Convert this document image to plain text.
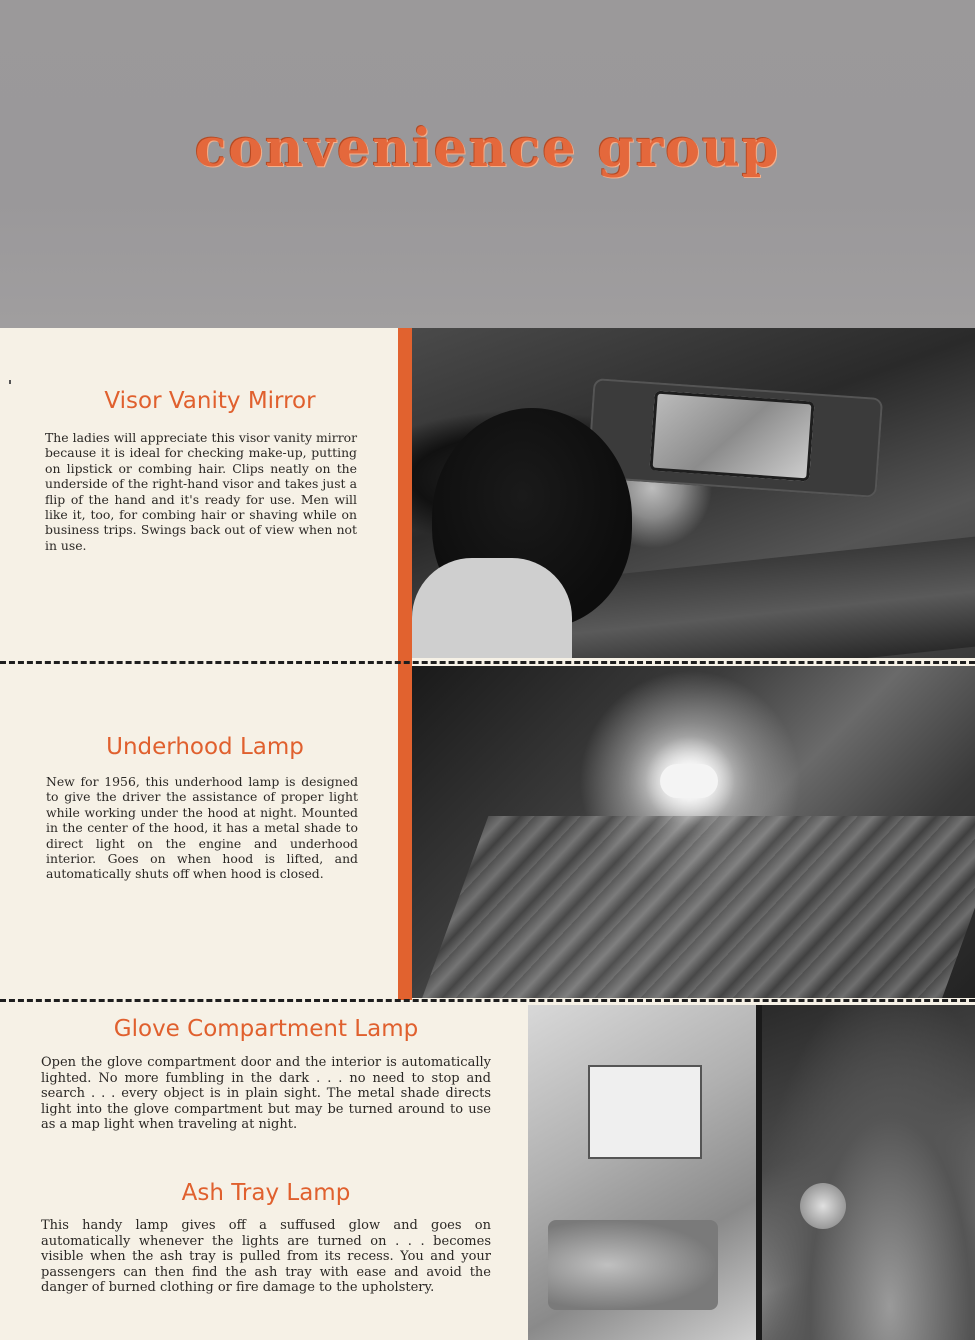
convenience group
Visor Vanity Mirror

The ladies will appreciate this visor vanity mirror because it is ideal for checking make-up, putting on lipstick or combing hair. Clips neatly on the underside of the right-hand visor and takes just a flip of the hand and it's ready for use. Men will like it, too, for combing hair or shaving while on business trips. Swings back out of view when not in use.

Underhood Lamp

New for 1956, this underhood lamp is designed to give the driver the assistance of proper light while working under the hood at night. Mounted in the center of the hood, it has a metal shade to direct light on the engine and underhood interior. Goes on when hood is lifted, and automatically shuts off when hood is closed.

Glove Compartment Lamp

Open the glove compartment door and the interior is automatically lighted. No more fumbling in the dark . . . no need to stop and search . . . every object is in plain sight. The metal shade directs light into the glove compartment but may be turned around to use as a map light when traveling at night.

Ash Tray Lamp

This handy lamp gives off a suffused glow and goes on automatically whenever the lights are turned on . . . becomes visible when the ash tray is pulled from its recess. You and your passengers can then find the ash tray with ease and avoid the danger of burned clothing or fire damage to the upholstery.
